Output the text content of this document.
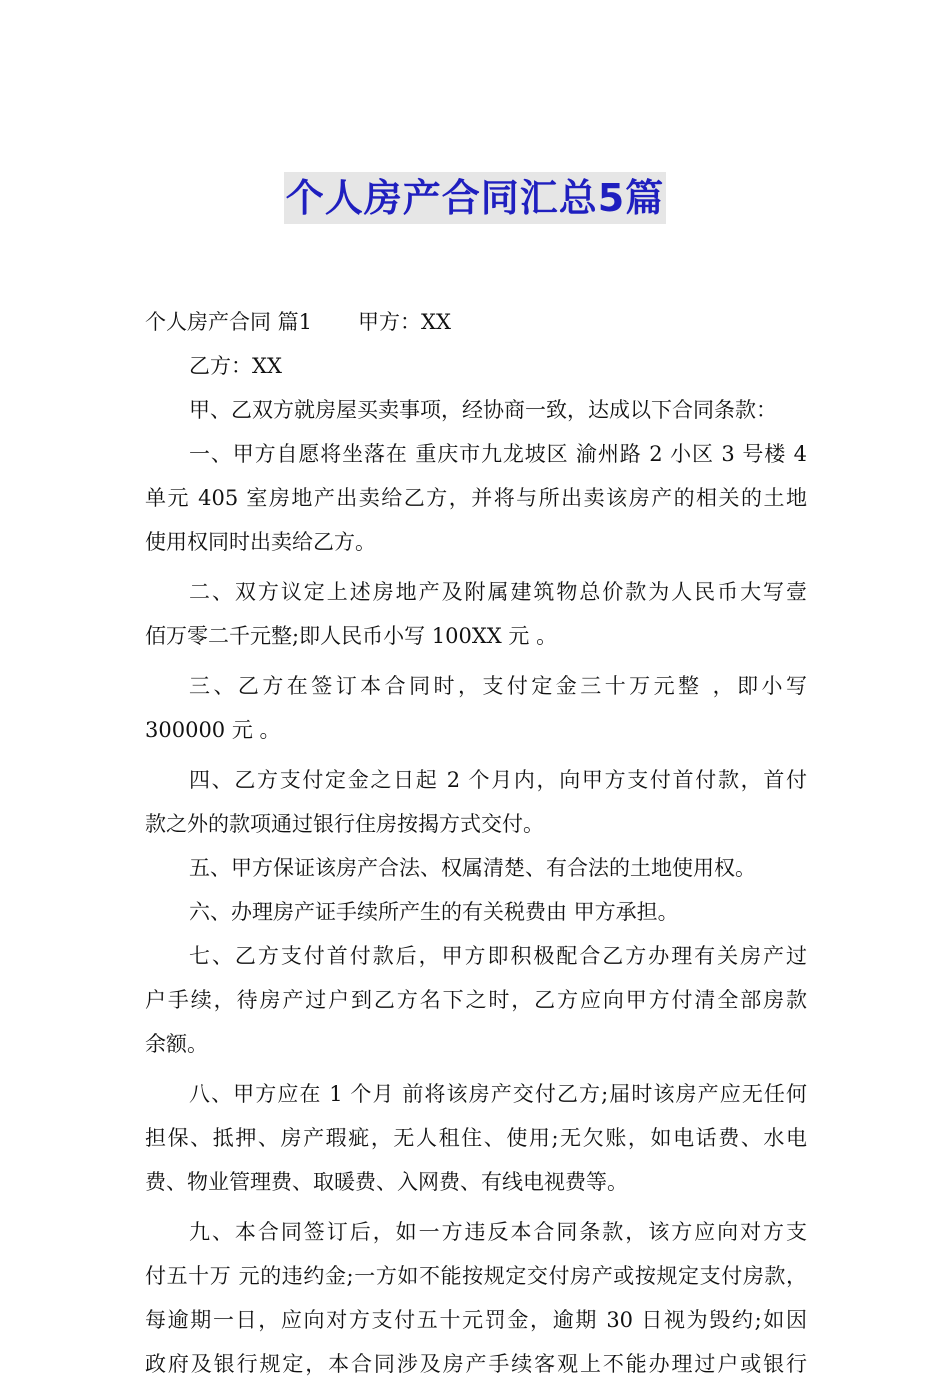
个人房产合同汇总5篇
个人房产合同 篇1 甲方：XX
乙方：XX
甲、乙双方就房屋买卖事项，经协商一致，达成以下合同条款：
一、甲方自愿将坐落在 重庆市九龙坡区 渝州路 2 小区 3 号楼 4
单元 405 室房地产出卖给乙方，并将与所出卖该房产的相关的土地
使用权同时出卖给乙方。
二、双方议定上述房地产及附属建筑物总价款为人民币大写壹
佰万零二千元整;即人民币小写 100XX 元 。
三、乙方在签订本合同时，支付定金三十万元整 ，即小写
300000 元 。
四、乙方支付定金之日起 2 个月内，向甲方支付首付款，首付
款之外的款项通过银行住房按揭方式交付。
五、甲方保证该房产合法、权属清楚、有合法的土地使用权。
六、办理房产证手续所产生的有关税费由 甲方承担。
七、乙方支付首付款后，甲方即积极配合乙方办理有关房产过
户手续，待房产过户到乙方名下之时，乙方应向甲方付清全部房款
余额。
八、甲方应在 1 个月 前将该房产交付乙方;届时该房产应无任何
担保、抵押、房产瑕疵，无人租住、使用;无欠账，如电话费、水电
费、物业管理费、取暖费、入网费、有线电视费等。
九、本合同签订后，如一方违反本合同条款，该方应向对方支
付五十万 元的违约金;一方如不能按规定交付房产或按规定支付房款，
每逾期一日，应向对方支付五十元罚金，逾期 30 日视为毁约;如因
政府及银行规定，本合同涉及房产手续客观上不能办理过户或银行
